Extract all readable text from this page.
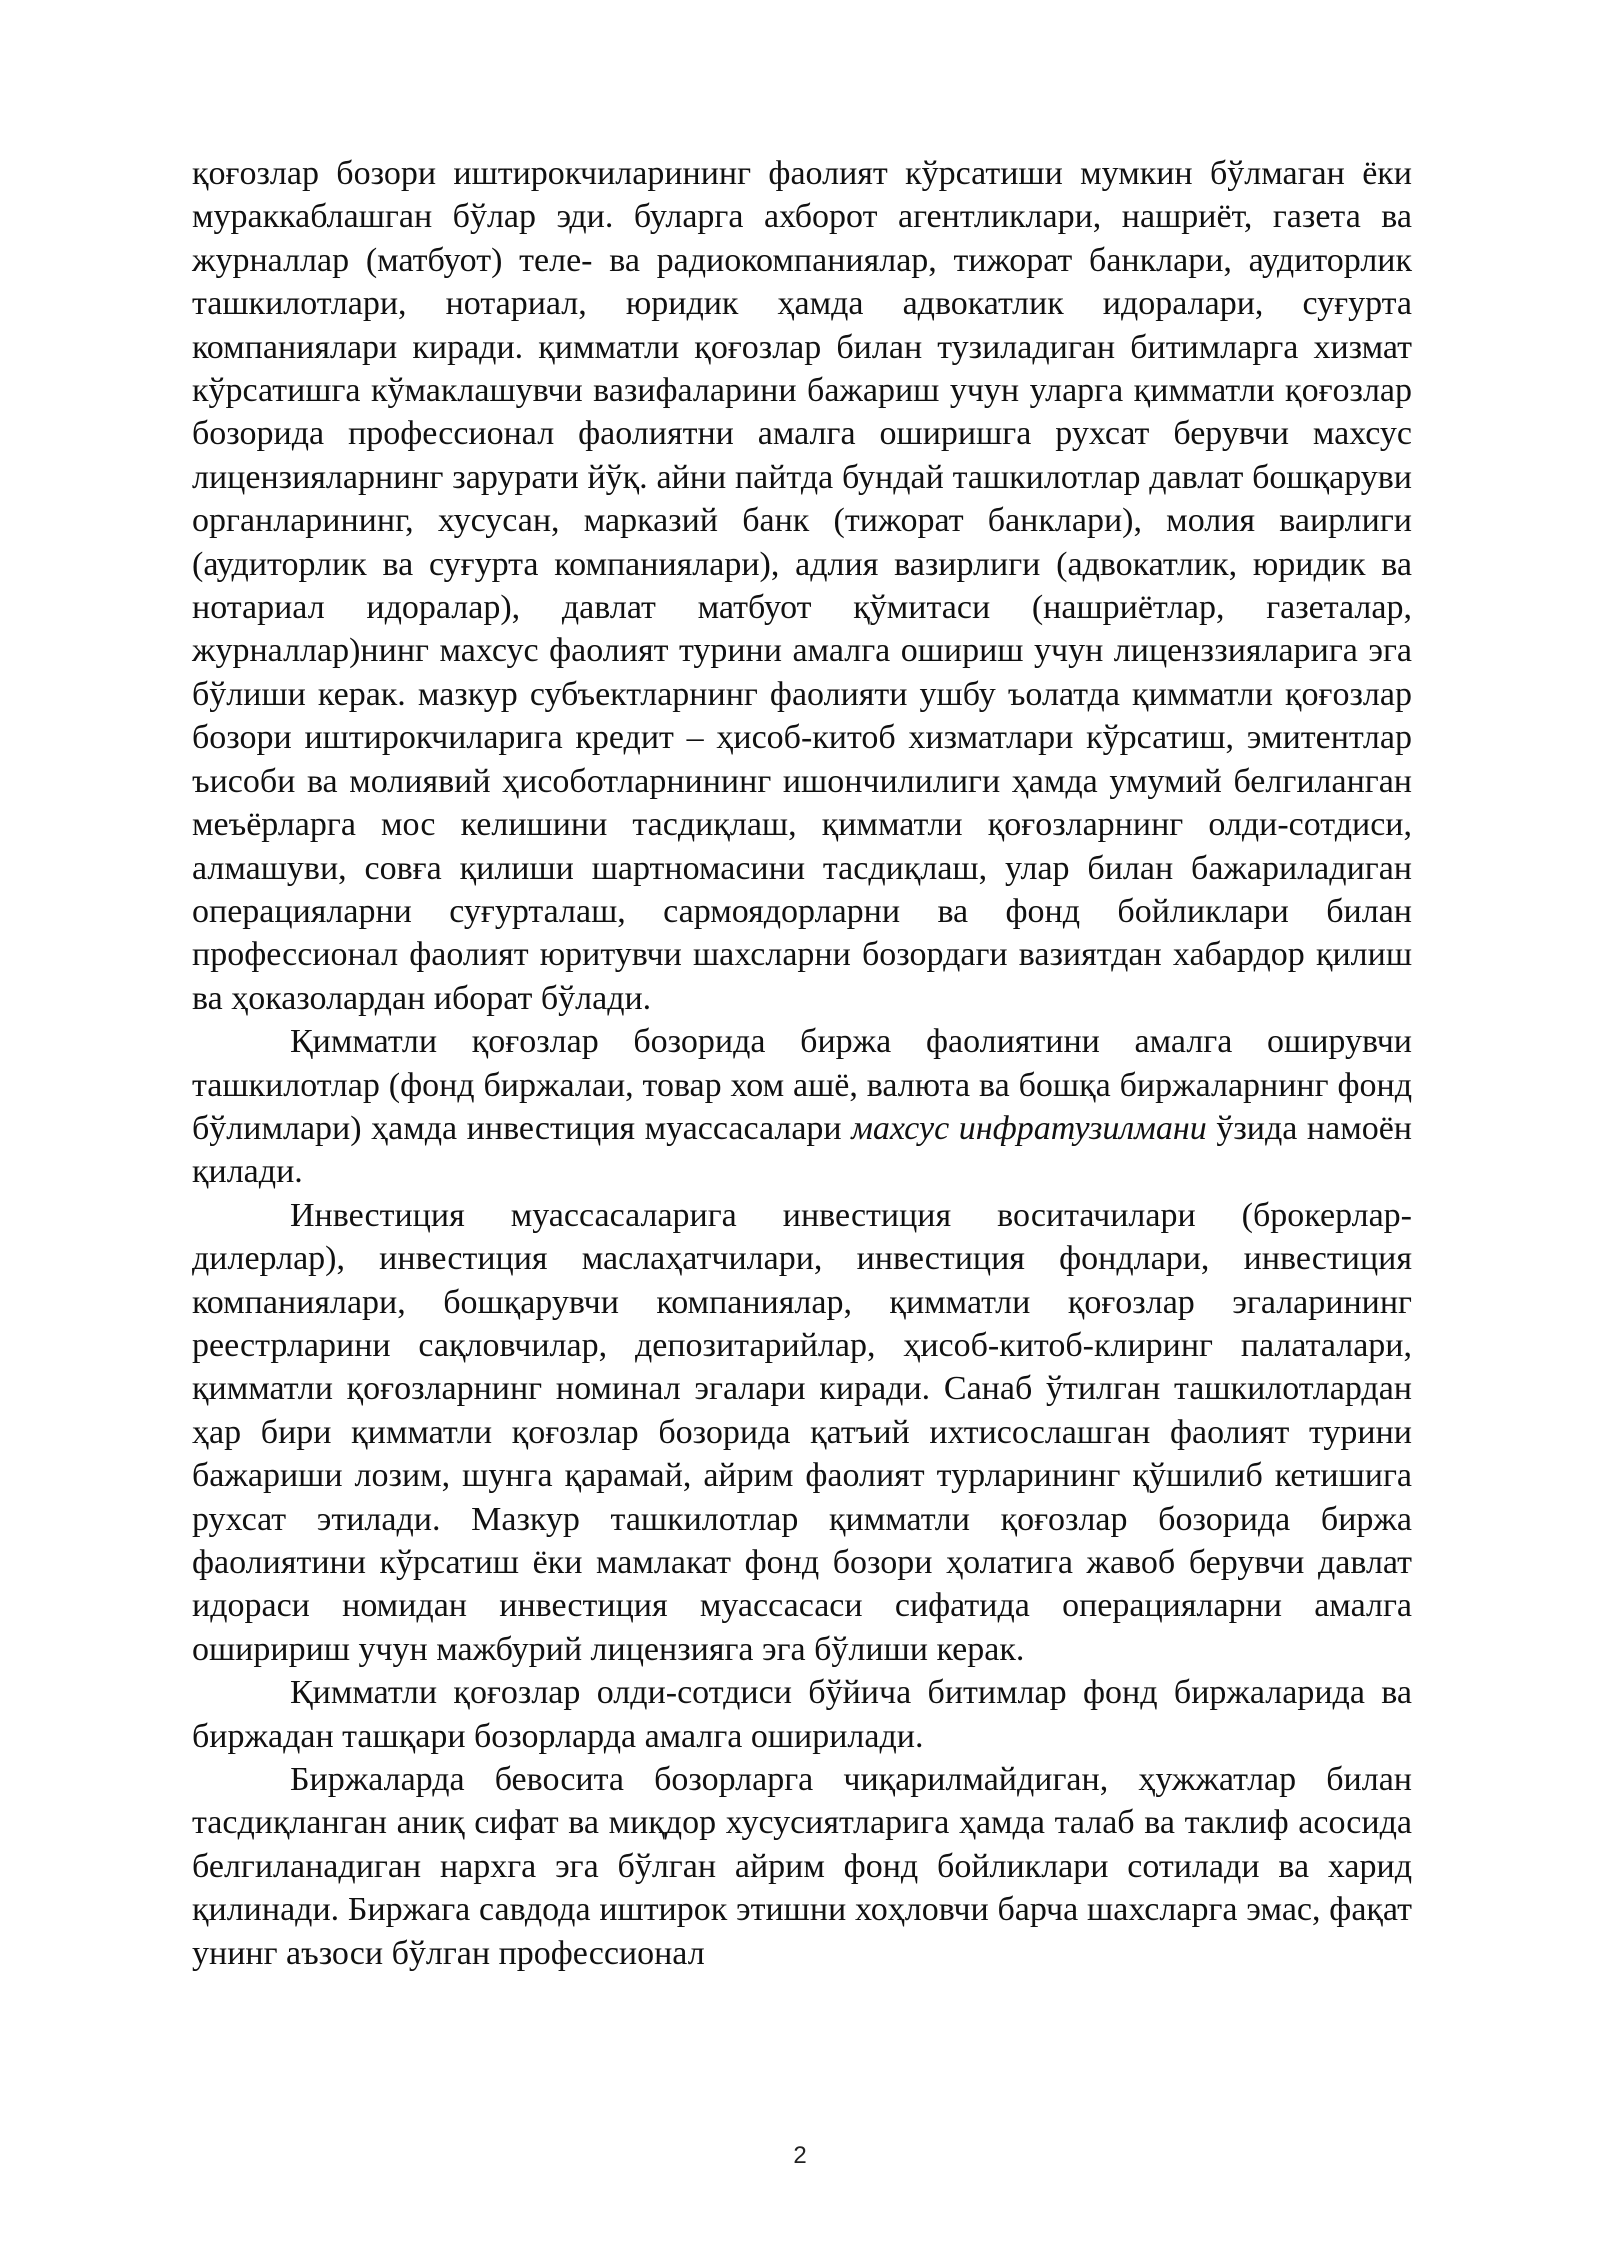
қоғозлар бозори иштирокчиларининг фаолият кўрсатиши мумкин бўлмаган ёки мураккаблашган бўлар эди. буларга ахборот агентликлари, нашриёт, газета ва журналлар (матбуот) теле- ва радиокомпаниялар, тижорат банклари, аудиторлик ташкилотлари, нотариал, юридик ҳамда адвокатлик идоралари, суғурта компаниялари киради. қимматли қоғозлар билан тузиладиган битимларга хизмат кўрсатишга кўмаклашувчи вазифаларини бажариш учун уларга қимматли қоғозлар бозорида профессионал фаолиятни амалга оширишга рухсат берувчи махсус лицензияларнинг зарурати йўқ. айни пайтда бундай ташкилотлар давлат бошқаруви органларининг, хусусан, марказий банк (тижорат банклари), молия ваирлиги (аудиторлик ва суғурта компаниялари), адлия вазирлиги (адвокатлик, юридик ва нотариал идоралар), давлат матбуот қўмитаси (нашриётлар, газеталар, журналлар)нинг махсус фаолият турини амалга ошириш учун лиценззияларига эга бўлиши керак. мазкур субъектларнинг фаолияти ушбу ъолатда қимматли қоғозлар бозори иштирокчиларига кредит – ҳисоб-китоб хизматлари кўрсатиш, эмитентлар ъисоби ва молиявий ҳисоботларнининг ишончилилиги ҳамда умумий белгиланган меъёрларга мос келишини тасдиқлаш, қимматли қоғозларнинг олди-сотдиси, алмашуви, совға қилиши шартномасини тасдиқлаш, улар билан бажариладиган операцияларни суғурталаш, сармоядорларни ва фонд бойликлари билан профессионал фаолият юритувчи шахсларни бозордаги вазиятдан хабардор қилиш ва ҳоказолардан иборат бўлади.

Қимматли қоғозлар бозорида биржа фаолиятини амалга оширувчи ташкилотлар (фонд биржалаи, товар хом ашё, валюта ва бошқа биржаларнинг фонд бўлимлари) ҳамда инвестиция муассасалари махсус инфратузилмани ўзида намоён қилади.

Инвестиция муассасаларига инвестиция воситачилари (брокерлар-дилерлар), инвестиция маслаҳатчилари, инвестиция фондлари, инвестиция компаниялари, бошқарувчи компаниялар, қимматли қоғозлар эгаларининг реестрларини сақловчилар, депозитарийлар, ҳисоб-китоб-клиринг палаталари, қимматли қоғозларнинг номинал эгалари киради. Санаб ўтилган ташкилотлардан ҳар бири қимматли қоғозлар бозорида қатъий ихтисослашган фаолият турини бажариши лозим, шунга қарамай, айрим фаолият турларининг қўшилиб кетишига рухсат этилади. Мазкур ташкилотлар қимматли қоғозлар бозорида биржа фаолиятини кўрсатиш ёки мамлакат фонд бозори ҳолатига жавоб берувчи давлат идораси номидан инвестиция муассасаси сифатида операцияларни амалга оширириш учун мажбурий лицензияга эга бўлиши керак.

Қимматли қоғозлар олди-сотдиси бўйича битимлар фонд биржаларида ва биржадан ташқари бозорларда амалга оширилади.

Биржаларда бевосита бозорларга чиқарилмайдиган, ҳужжатлар билан тасдиқланган аниқ сифат ва миқдор хусусиятларига ҳамда талаб ва таклиф асосида белгиланадиган нархга эга бўлган айрим фонд бойликлари сотилади ва харид қилинади. Биржага савдода иштирок этишни хоҳловчи барча шахсларга эмас, фақат унинг аъзоси бўлган профессионал

2
